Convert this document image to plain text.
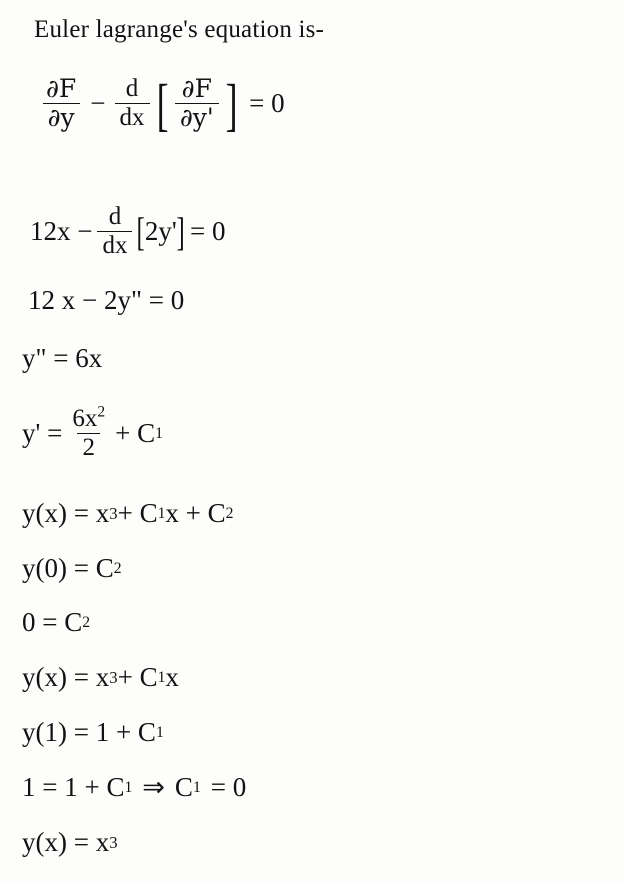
Euler lagrange's equation is-
$\frac{\partial F}{\partial y} - \frac{d}{dx}$ [ $\frac{\partial F}{\partial y'}$ ] = 0
$12x - \frac{d}{dx}$ [ 2y' ] = 0
12 x − 2y" = 0
y" = 6x
$y' = \frac{6x^2}{2} + C$ 1
y(x) = x 3 + C 1 x + C 2
y(0) = C 2
0 = C 2
y(x) = x 3 + C 1 x
y(1) = 1 + C 1
1 = 1 + C 1 ⇒ C 1 = 0
y(x) = x 3
